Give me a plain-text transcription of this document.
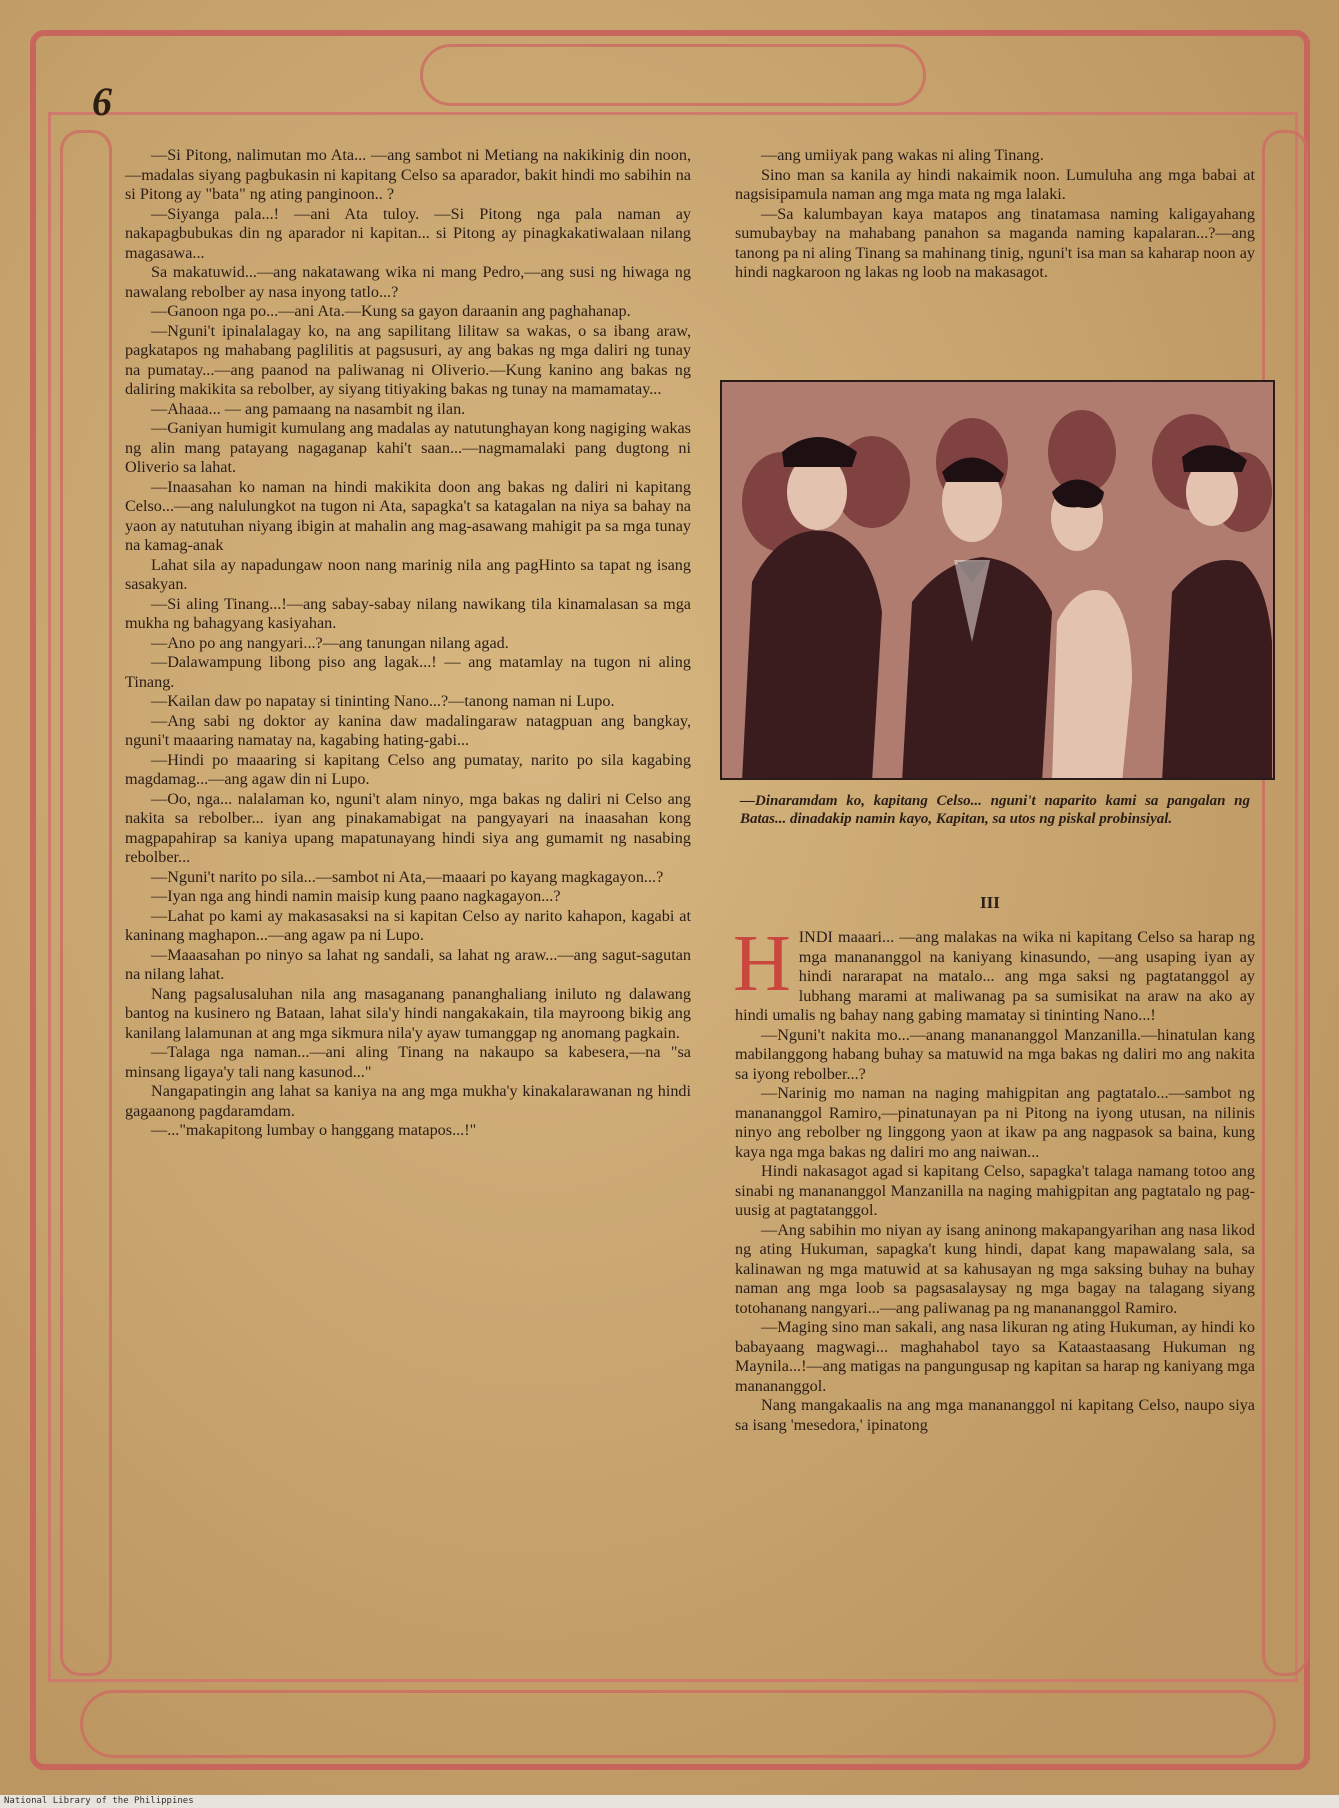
6

—Si Pitong, nalimutan mo Ata... —ang sambot ni Metiang na nakikinig din noon, —madalas siyang pagbukasin ni kapitang Celso sa aparador, bakit hindi mo sabihin na si Pitong ay "bata" ng ating panginoon.. ?

—Siyanga pala...! —ani Ata tuloy. —Si Pitong nga pala naman ay nakapagbubukas din ng aparador ni kapitan... si Pitong ay pinagkakatiwalaan nilang magasawa...

Sa makatuwid...—ang nakatawang wika ni mang Pedro,—ang susi ng hiwaga ng nawalang rebolber ay nasa inyong tatlo...?

—Ganoon nga po...—ani Ata.—Kung sa gayon daraanin ang paghahanap.

—Nguni't ipinalalagay ko, na ang sapilitang lilitaw sa wakas, o sa ibang araw, pagkatapos ng mahabang paglilitis at pagsusuri, ay ang bakas ng mga daliri ng tunay na pumatay...—ang paanod na paliwanag ni Oliverio.—Kung kanino ang bakas ng daliring makikita sa rebolber, ay siyang titiyaking bakas ng tunay na mamamatay...

—Ahaaa... — ang pamaang na nasambit ng ilan.

—Ganiyan humigit kumulang ang madalas ay natutunghayan kong nagiging wakas ng alin mang patayang nagaganap kahi't saan...—nagmamalaki pang dugtong ni Oliverio sa lahat.

—Inaasahan ko naman na hindi makikita doon ang bakas ng daliri ni kapitang Celso...—ang nalulungkot na tugon ni Ata, sapagka't sa katagalan na niya sa bahay na yaon ay natutuhan niyang ibigin at mahalin ang mag-asawang mahigit pa sa mga tunay na kamag-anak

Lahat sila ay napadungaw noon nang marinig nila ang pagHinto sa tapat ng isang sasakyan.

—Si aling Tinang...!—ang sabay-sabay nilang nawikang tila kinamalasan sa mga mukha ng bahagyang kasiyahan.

—Ano po ang nangyari...?—ang tanungan nilang agad.

—Dalawampung libong piso ang lagak...! — ang matamlay na tugon ni aling Tinang.

—Kailan daw po napatay si tininting Nano...?—tanong naman ni Lupo.

—Ang sabi ng doktor ay kanina daw madalingaraw natagpuan ang bangkay, nguni't maaaring namatay na, kagabing hating-gabi...

—Hindi po maaaring si kapitang Celso ang pumatay, narito po sila kagabing magdamag...—ang agaw din ni Lupo.

—Oo, nga... nalalaman ko, nguni't alam ninyo, mga bakas ng daliri ni Celso ang nakita sa rebolber... iyan ang pinakamabigat na pangyayari na inaasahan kong magpapahirap sa kaniya upang mapatunayang hindi siya ang gumamit ng nasabing rebolber...

—Nguni't narito po sila...—sambot ni Ata,—maaari po kayang magkagayon...?

—Iyan nga ang hindi namin maisip kung paano nagkagayon...?

—Lahat po kami ay makasasaksi na si kapitan Celso ay narito kahapon, kagabi at kaninang maghapon...—ang agaw pa ni Lupo.

—Maaasahan po ninyo sa lahat ng sandali, sa lahat ng araw...—ang sagut-sagutan na nilang lahat.

Nang pagsalusaluhan nila ang masaganang pananghaliang iniluto ng dalawang bantog na kusinero ng Bataan, lahat sila'y hindi nangakakain, tila mayroong bikig ang kanilang lalamunan at ang mga sikmura nila'y ayaw tumanggap ng anomang pagkain.

—Talaga nga naman...—ani aling Tinang na nakaupo sa kabesera,—na "sa minsang ligaya'y tali nang kasunod..."

Nangapatingin ang lahat sa kaniya na ang mga mukha'y kinakalarawanan ng hindi gagaanong pagdaramdam.

—..."makapitong lumbay o hanggang matapos...!"

—ang umiiyak pang wakas ni aling Tinang.

Sino man sa kanila ay hindi nakaimik noon. Lumuluha ang mga babai at nagsisipamula naman ang mga mata ng mga lalaki.

—Sa kalumbayan kaya matapos ang tinatamasa naming kaligayahang sumubaybay na mahabang panahon sa maganda naming kapalaran...?—ang tanong pa ni aling Tinang sa mahinang tinig, nguni't isa man sa kaharap noon ay hindi nagkaroon ng lakas ng loob na makasagot.

—Dinaramdam ko, kapitang Celso... nguni't naparito kami sa pangalan ng Batas... dinadakip namin kayo, Kapitan, sa utos ng piskal probinsiyal.
III

HINDI maaari... —ang malakas na wika ni kapitang Celso sa harap ng mga manananggol na kaniyang kinasundo, —ang usaping iyan ay hindi nararapat na matalo... ang mga saksi ng pagtatanggol ay lubhang marami at maliwanag pa sa sumisikat na araw na ako ay hindi umalis ng bahay nang gabing mamatay si tininting Nano...!

—Nguni't nakita mo...—anang manananggol Manzanilla.—hinatulan kang mabilanggong habang buhay sa matuwid na mga bakas ng daliri mo ang nakita sa iyong rebolber...?

—Narinig mo naman na naging mahigpitan ang pagtatalo...—sambot ng manananggol Ramiro,—pinatunayan pa ni Pitong na iyong utusan, na nilinis ninyo ang rebolber ng linggong yaon at ikaw pa ang nagpasok sa baina, kung kaya nga mga bakas ng daliri mo ang naiwan...

Hindi nakasagot agad si kapitang Celso, sapagka't talaga namang totoo ang sinabi ng manananggol Manzanilla na naging mahigpitan ang pagtatalo ng pag-uusig at pagtatanggol.

—Ang sabihin mo niyan ay isang aninong makapangyarihan ang nasa likod ng ating Hukuman, sapagka't kung hindi, dapat kang mapawalang sala, sa kalinawan ng mga matuwid at sa kahusayan ng mga saksing buhay na buhay naman ang mga loob sa pagsasalaysay ng mga bagay na talagang siyang totohanang nangyari...—ang paliwanag pa ng manananggol Ramiro.

—Maging sino man sakali, ang nasa likuran ng ating Hukuman, ay hindi ko babayaang magwagi... maghahabol tayo sa Kataastaasang Hukuman ng Maynila...!—ang matigas na pangungusap ng kapitan sa harap ng kaniyang mga manananggol.

Nang mangakaalis na ang mga manananggol ni kapitang Celso, naupo siya sa isang 'mesedora,' ipinatong

National Library of the Philippines
